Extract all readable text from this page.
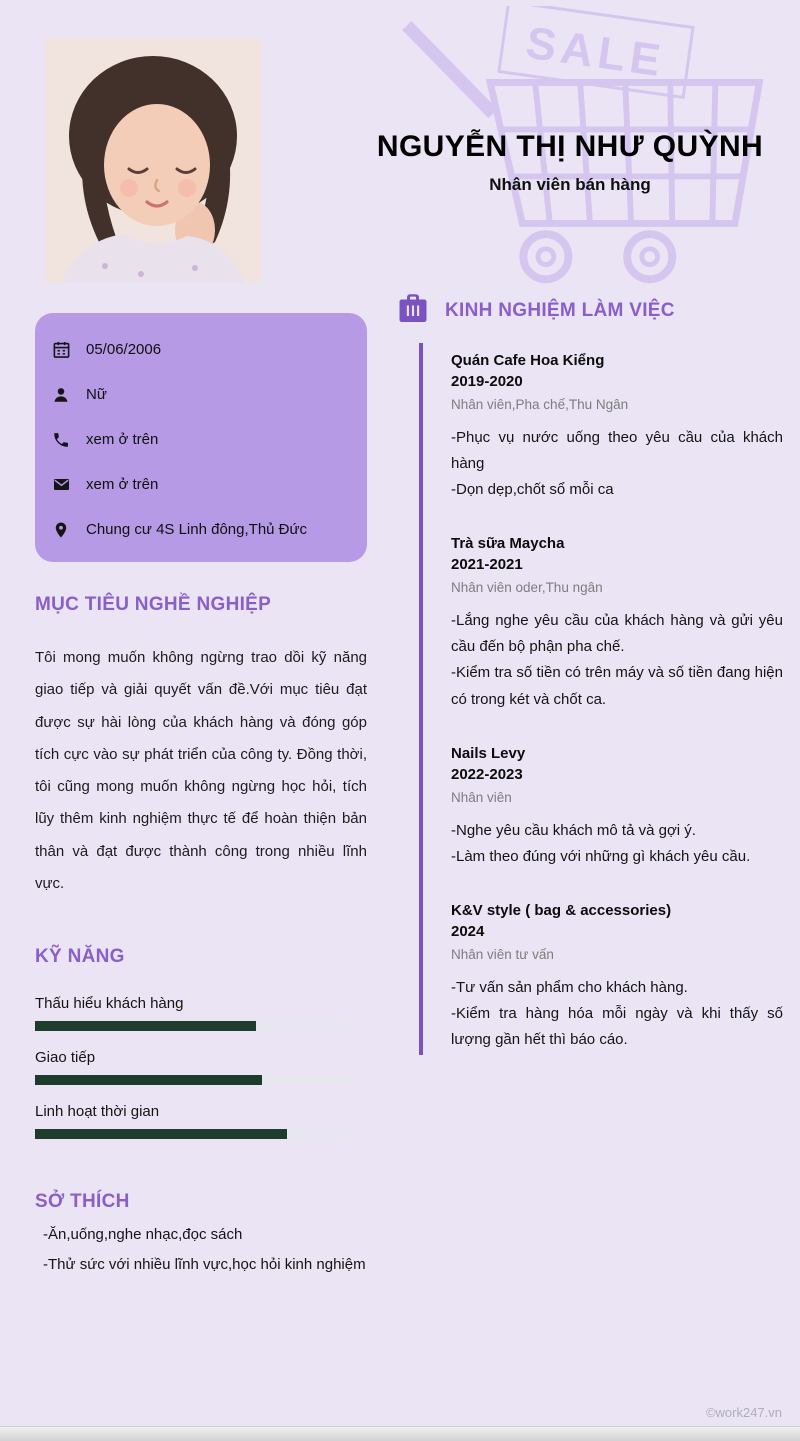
SALE
NGUYỄN THỊ NHƯ QUỲNH
Nhân viên bán hàng
05/06/2006
Nữ
xem ở trên
xem ở trên
Chung cư 4S Linh đông,Thủ Đức
MỤC TIÊU NGHỀ NGHIỆP

Tôi mong muốn không ngừng trao dồi kỹ năng giao tiếp và giải quyết vấn đề.Với mục tiêu đạt được sự hài lòng của khách hàng và đóng góp tích cực vào sự phát triển của công ty. Đồng thời, tôi cũng mong muốn không ngừng học hỏi, tích lũy thêm kinh nghiệm thực tế để hoàn thiện bản thân và đạt được thành công trong nhiều lĩnh vực.

KỸ NĂNG
Thấu hiểu khách hàng
Giao tiếp
Linh hoạt thời gian
SỞ THÍCH
-Ăn,uống,nghe nhạc,đọc sách
-Thử sức với nhiều lĩnh vực,học hỏi kinh nghiệm
KINH NGHIỆM LÀM VIỆC
Quán Cafe Hoa Kiểng
2019-2020
Nhân viên,Pha chế,Thu Ngân
-Phục vụ nước uống theo yêu cầu của khách hàng
-Dọn dẹp,chốt sổ mỗi ca
Trà sữa Maycha
2021-2021
Nhân viên oder,Thu ngân
-Lắng nghe yêu cầu của khách hàng và gửi yêu cầu đến bộ phận pha chế.
-Kiểm tra số tiền có trên máy và số tiền đang hiện có trong két và chốt ca.
Nails Levy
2022-2023
Nhân viên
-Nghe yêu cầu khách mô tả và gợi ý.
-Làm theo đúng với những gì khách yêu cầu.
K&V style ( bag & accessories)
2024
Nhân viên tư vấn
-Tư vấn sản phẩm cho khách hàng.
-Kiểm tra hàng hóa mỗi ngày và khi thấy số lượng gần hết thì báo cáo.
©work247.vn
